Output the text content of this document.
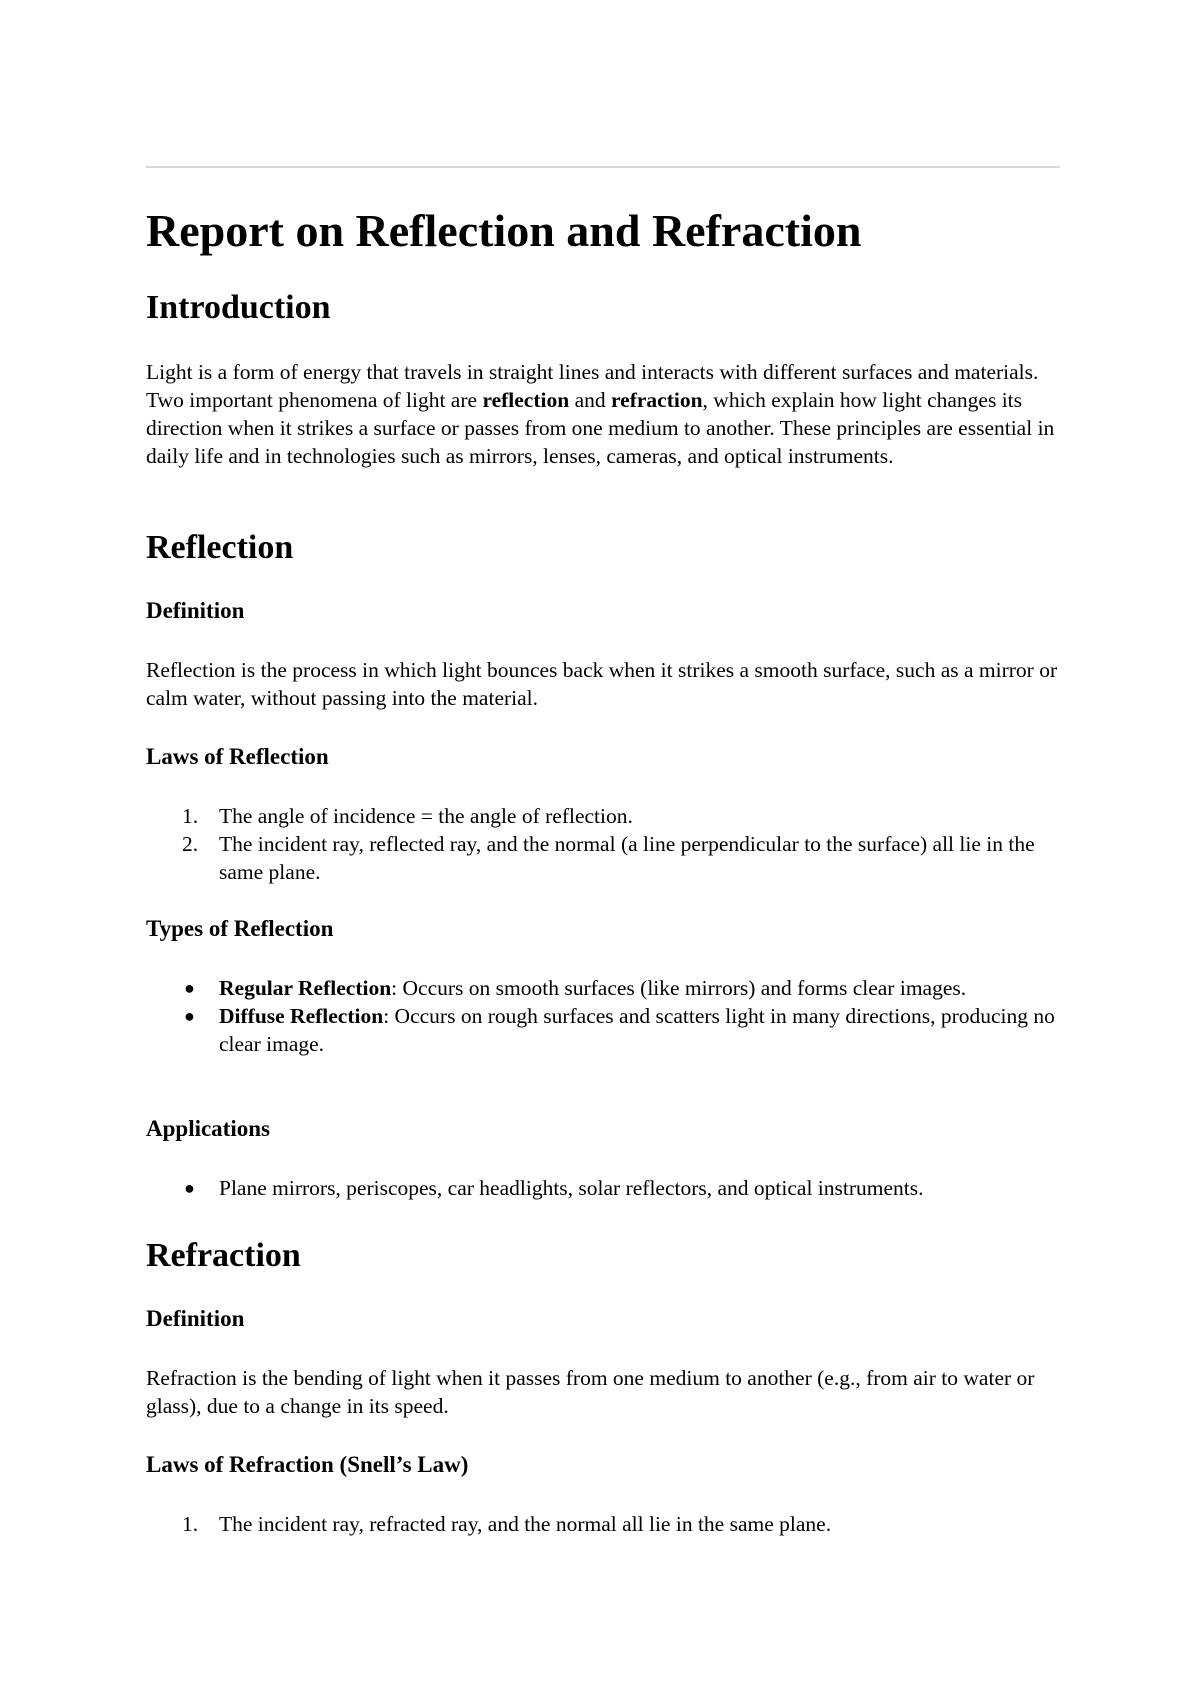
Report on Reflection and Refraction
Introduction

Light is a form of energy that travels in straight lines and interacts with different surfaces and materials. Two important phenomena of light are reflection and refraction, which explain how light changes its direction when it strikes a surface or passes from one medium to another. These principles are essential in daily life and in technologies such as mirrors, lenses, cameras, and optical instruments.

Reflection
Definition

Reflection is the process in which light bounces back when it strikes a smooth surface, such as a mirror or calm water, without passing into the material.

Laws of Reflection
1. The angle of incidence = the angle of reflection.
2. The incident ray, reflected ray, and the normal (a line perpendicular to the surface) all lie in the same plane.
Types of Reflection
● Regular Reflection: Occurs on smooth surfaces (like mirrors) and forms clear images.
● Diffuse Reflection: Occurs on rough surfaces and scatters light in many directions, producing no clear image.
Applications
● Plane mirrors, periscopes, car headlights, solar reflectors, and optical instruments.
Refraction
Definition

Refraction is the bending of light when it passes from one medium to another (e.g., from air to water or glass), due to a change in its speed.

Laws of Refraction (Snell’s Law)
1. The incident ray, refracted ray, and the normal all lie in the same plane.
